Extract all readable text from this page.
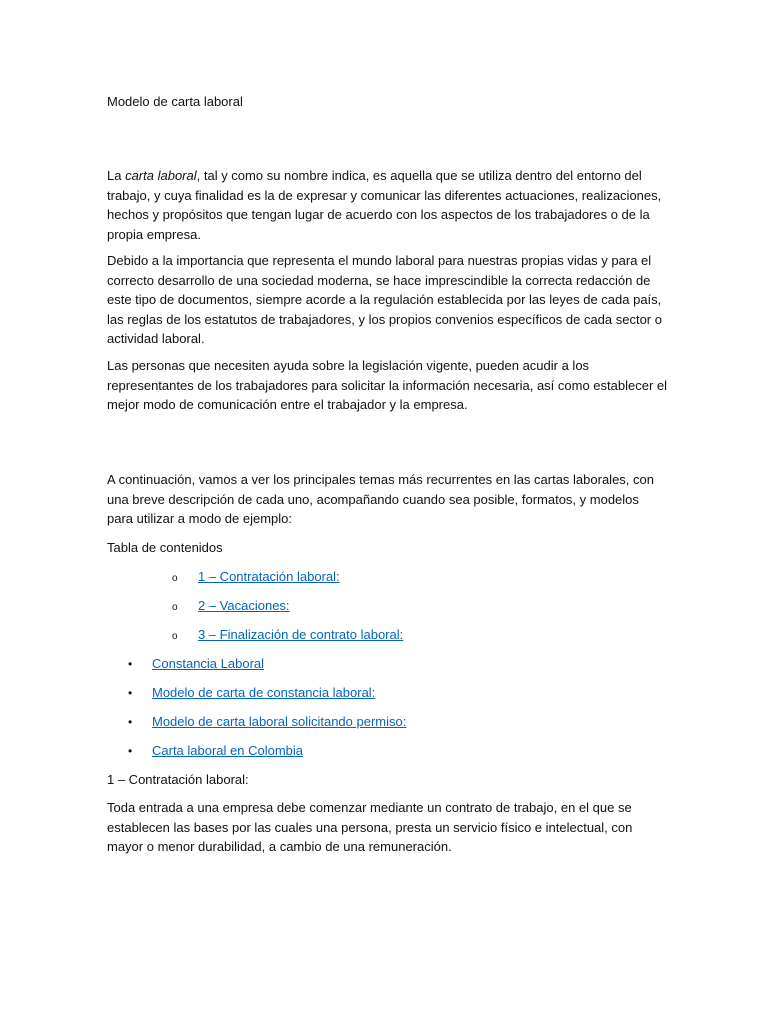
Modelo de carta laboral

La carta laboral, tal y como su nombre indica, es aquella que se utiliza dentro del entorno del trabajo, y cuya finalidad es la de expresar y comunicar las diferentes actuaciones, realizaciones, hechos y propósitos que tengan lugar de acuerdo con los aspectos de los trabajadores o de la propia empresa.

Debido a la importancia que representa el mundo laboral para nuestras propias vidas y para el correcto desarrollo de una sociedad moderna, se hace imprescindible la correcta redacción de este tipo de documentos, siempre acorde a la regulación establecida por las leyes de cada país, las reglas de los estatutos de trabajadores, y los propios convenios específicos de cada sector o actividad laboral.

Las personas que necesiten ayuda sobre la legislación vigente, pueden acudir a los representantes de los trabajadores para solicitar la información necesaria, así como establecer el mejor modo de comunicación entre el trabajador y la empresa.

A continuación, vamos a ver los principales temas más recurrentes en las cartas laborales, con una breve descripción de cada uno, acompañando cuando sea posible, formatos, y modelos para utilizar a modo de ejemplo:

Tabla de contenidos

o 1 – Contratación laboral:

o 2 – Vacaciones:

o 3 – Finalización de contrato laboral:

• Constancia Laboral

• Modelo de carta de constancia laboral:

• Modelo de carta laboral solicitando permiso:

• Carta laboral en Colombia

1 – Contratación laboral:

Toda entrada a una empresa debe comenzar mediante un contrato de trabajo, en el que se establecen las bases por las cuales una persona, presta un servicio físico e intelectual, con mayor o menor durabilidad, a cambio de una remuneración.
